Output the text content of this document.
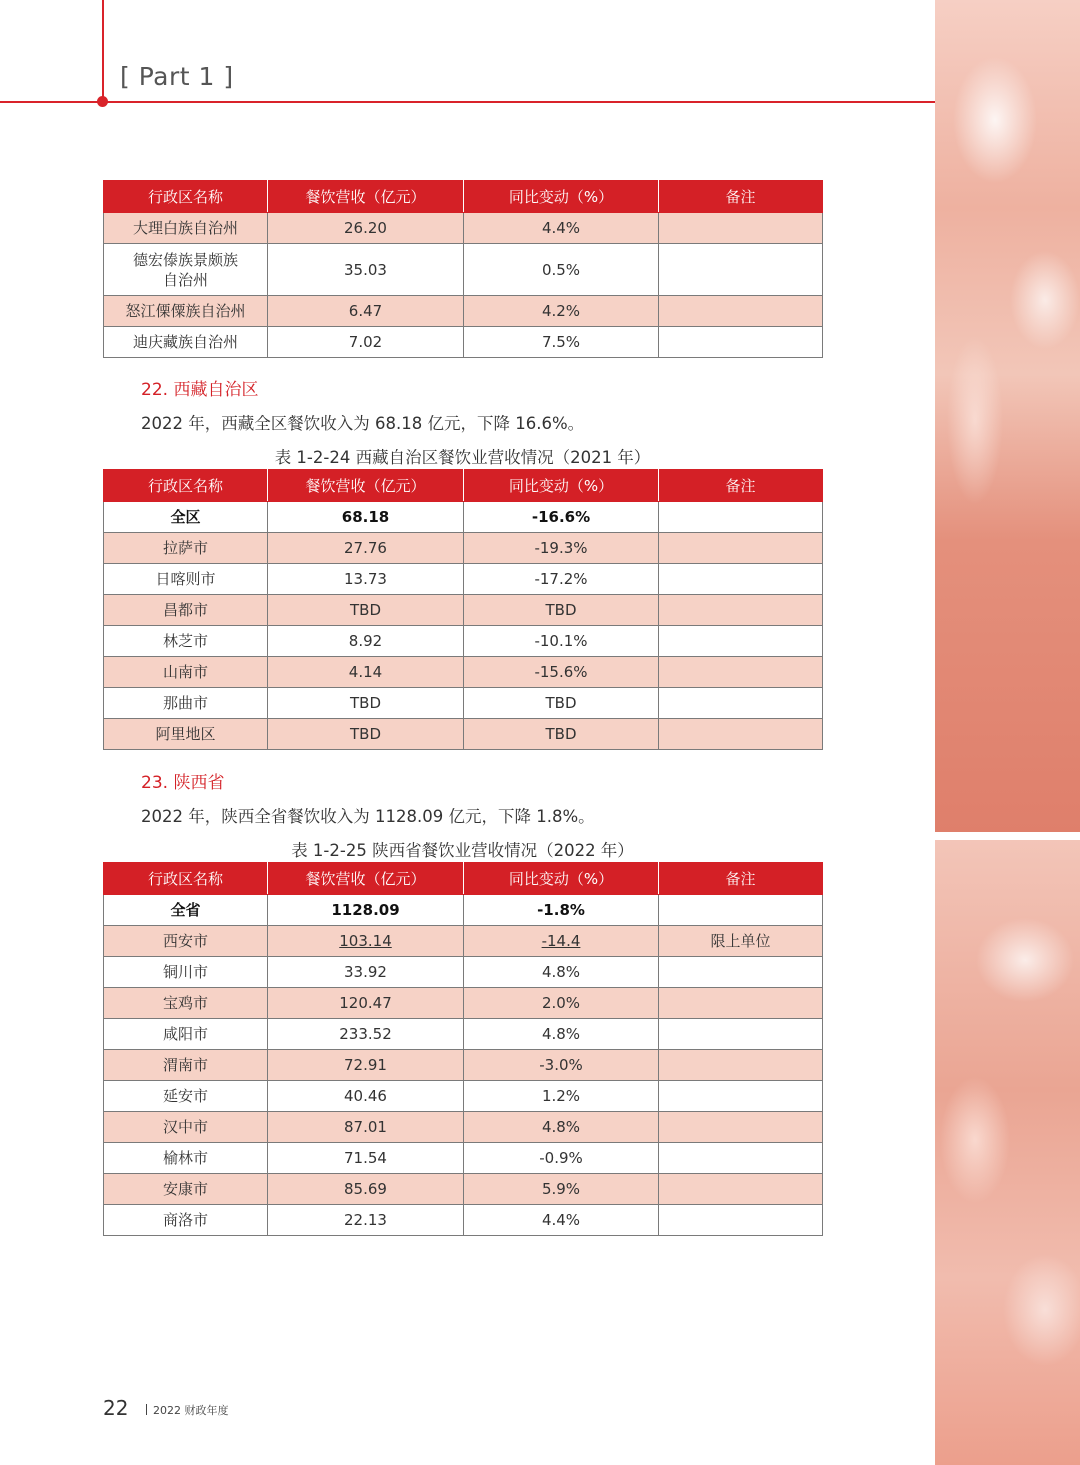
[ Part 1 ]
行政区名称	餐饮营收（亿元）	同比变动（%）	备注
大理白族自治州	26.20	4.4%	
德宏傣族景颇族
自治州	35.03	0.5%	
怒江傈僳族自治州	6.47	4.2%	
迪庆藏族自治州	7.02	7.5%	
22. 西藏自治区
2022 年，西藏全区餐饮收入为 68.18 亿元，下降 16.6%。
表 1-2-24 西藏自治区餐饮业营收情况（2021 年）
行政区名称	餐饮营收（亿元）	同比变动（%）	备注
全区	68.18	-16.6%	
拉萨市	27.76	-19.3%	
日喀则市	13.73	-17.2%	
昌都市	TBD	TBD	
林芝市	8.92	-10.1%	
山南市	4.14	-15.6%	
那曲市	TBD	TBD	
阿里地区	TBD	TBD	
23. 陕西省
2022 年，陕西全省餐饮收入为 1128.09 亿元，下降 1.8%。
表 1-2-25 陕西省餐饮业营收情况（2022 年）
行政区名称	餐饮营收（亿元）	同比变动（%）	备注
全省	1128.09	-1.8%	
西安市	103.14	-14.4	限上单位
铜川市	33.92	4.8%	
宝鸡市	120.47	2.0%	
咸阳市	233.52	4.8%	
渭南市	72.91	-3.0%	
延安市	40.46	1.2%	
汉中市	87.01	4.8%	
榆林市	71.54	-0.9%	
安康市	85.69	5.9%	
商洛市	22.13	4.4%	
22	2022 财政年度
